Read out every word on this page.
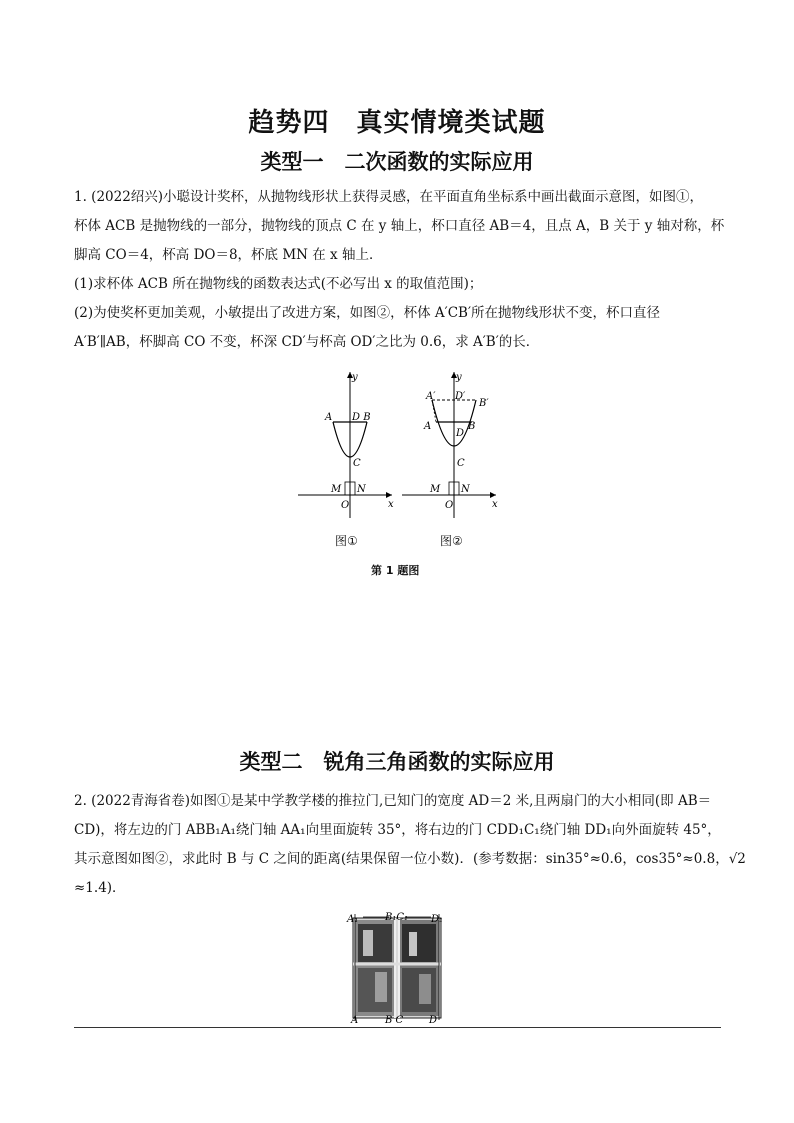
趋势四　真实情境类试题
类型一　二次函数的实际应用
1. (2022绍兴)小聪设计奖杯，从抛物线形状上获得灵感，在平面直角坐标系中画出截面示意图，如图①，
杯体 ACB 是抛物线的一部分，抛物线的顶点 C 在 y 轴上，杯口直径 AB＝4，且点 A，B 关于 y 轴对称，杯
脚高 CO＝4，杯高 DO＝8，杯底 MN 在 x 轴上．
(1)求杯体 ACB 所在抛物线的函数表达式(不必写出 x 的取值范围)；
(2)为使奖杯更加美观，小敏提出了改进方案，如图②，杯体 A′CB′所在抛物线形状不变，杯口直径
A′B′∥AB，杯脚高 CO 不变，杯深 CD′与杯高 OD′之比为 0.6，求 A′B′的长．
y
x
A D B
C
M N
O
y
x
A′ D′
B′
A	B
D
C
M N
O
图①	图②
第 1 题图
类型二　锐角三角函数的实际应用
2. (2022青海省卷)如图①是某中学教学楼的推拉门,已知门的宽度 AD＝2 米,且两扇门的大小相同(即 AB＝
CD)，将左边的门 ABB₁A₁绕门轴 AA₁向里面旋转 35°，将右边的门 CDD₁C₁绕门轴 DD₁向外面旋转 45°，
其示意图如图②，求此时 B 与 C 之间的距离(结果保留一位小数)．(参考数据：sin35°≈0.6，cos35°≈0.8，√2
≈1.4)．
A₁	B₁C₁ D₁
A	B C	D
